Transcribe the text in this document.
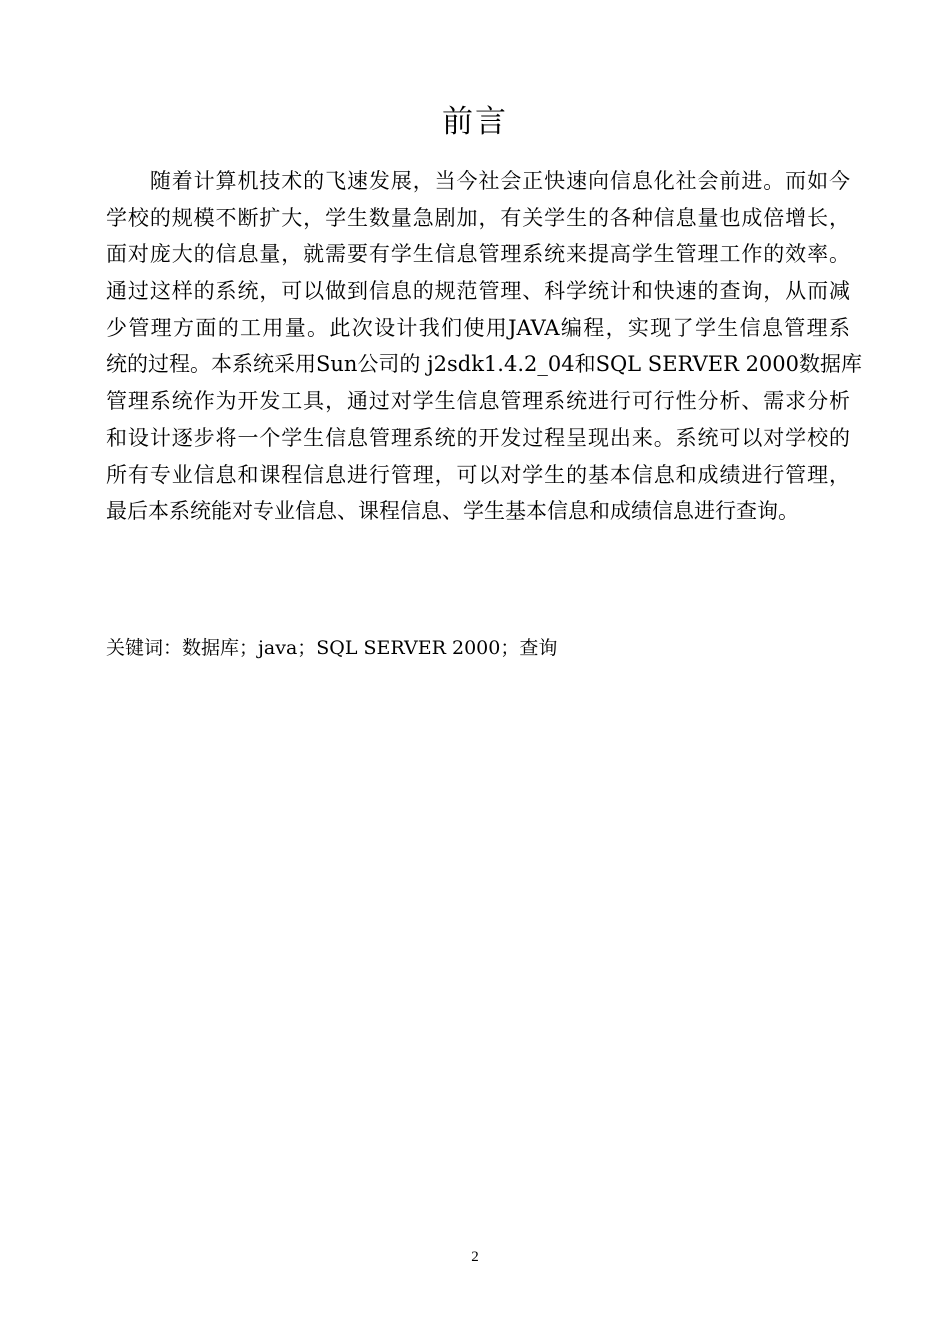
前言
　　随着计算机技术的飞速发展，当今社会正快速向信息化社会前进。而如今
学校的规模不断扩大，学生数量急剧加，有关学生的各种信息量也成倍增长，
面对庞大的信息量，就需要有学生信息管理系统来提高学生管理工作的效率。
通过这样的系统，可以做到信息的规范管理、科学统计和快速的查询，从而减
少管理方面的工用量。此次设计我们使用JAVA编程，实现了学生信息管理系
统的过程。本系统采用Sun公司的 j2sdk1.4.2_04和SQL SERVER 2000数据库
管理系统作为开发工具，通过对学生信息管理系统进行可行性分析、需求分析
和设计逐步将一个学生信息管理系统的开发过程呈现出来。系统可以对学校的
所有专业信息和课程信息进行管理，可以对学生的基本信息和成绩进行管理，
最后本系统能对专业信息、课程信息、学生基本信息和成绩信息进行查询。

关键词：数据库；java；SQL SERVER 2000；查询

2
